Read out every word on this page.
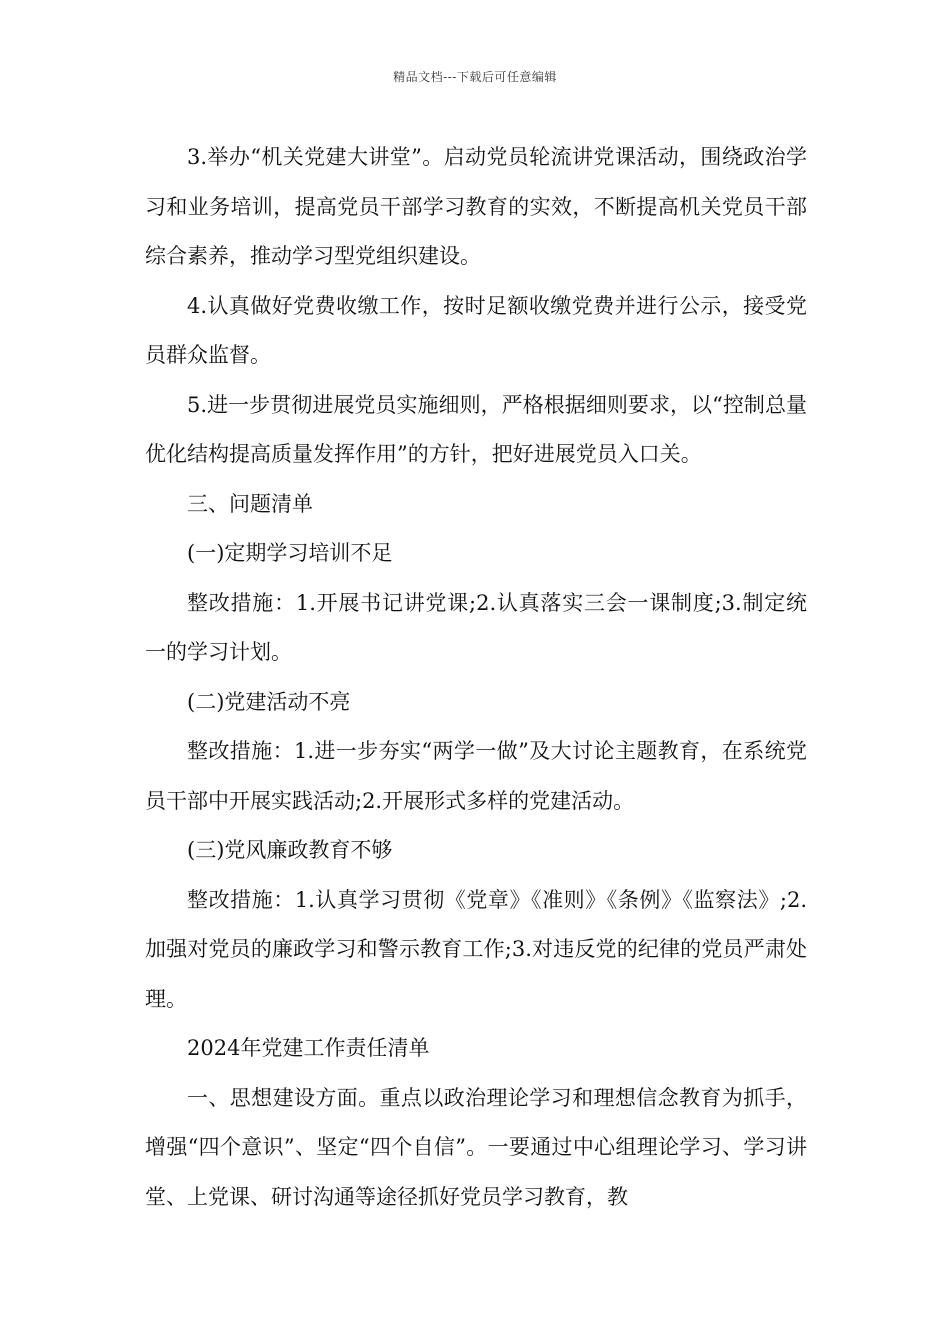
精品文档---下载后可任意编辑

3.举办“机关党建大讲堂”。启动党员轮流讲党课活动，围绕政治学习和业务培训，提高党员干部学习教育的实效，不断提高机关党员干部综合素养，推动学习型党组织建设。

4.认真做好党费收缴工作，按时足额收缴党费并进行公示，接受党员群众监督。

5.进一步贯彻进展党员实施细则，严格根据细则要求，以“控制总量优化结构提高质量发挥作用”的方针，把好进展党员入口关。

三、问题清单

(一)定期学习培训不足

整改措施：1.开展书记讲党课;2.认真落实三会一课制度;3.制定统一的学习计划。

(二)党建活动不亮

整改措施：1.进一步夯实“两学一做”及大讨论主题教育，在系统党员干部中开展实践活动;2.开展形式多样的党建活动。

(三)党风廉政教育不够

整改措施：1.认真学习贯彻《党章》《准则》《条例》《监察法》;2.加强对党员的廉政学习和警示教育工作;3.对违反党的纪律的党员严肃处理。

2024年党建工作责任清单

一、思想建设方面。重点以政治理论学习和理想信念教育为抓手，增强“四个意识”、坚定“四个自信”。一要通过中心组理论学习、学习讲堂、上党课、研讨沟通等途径抓好党员学习教育，教
